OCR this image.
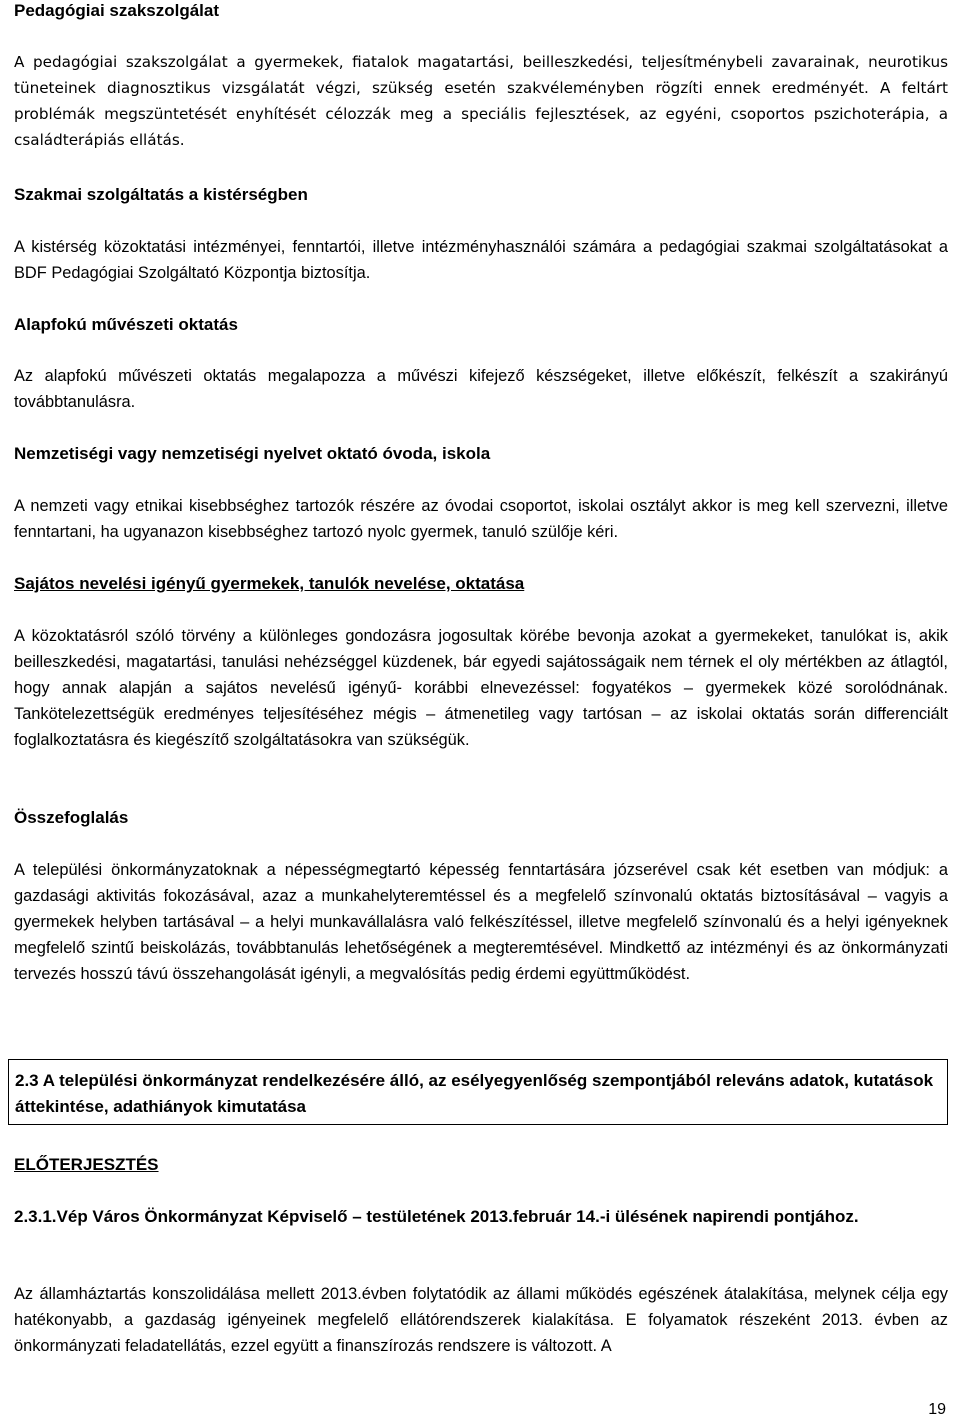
Pedagógiai szakszolgálat

A pedagógiai szakszolgálat a gyermekek, fiatalok magatartási, beilleszkedési, teljesítménybeli zavarainak, neurotikus tüneteinek diagnosztikus vizsgálatát végzi, szükség esetén szakvéleményben rögzíti ennek eredményét. A feltárt problémák megszüntetését enyhítését célozzák meg a speciális fejlesztések, az egyéni, csoportos pszichoterápia, a családterápiás ellátás.

Szakmai szolgáltatás a kistérségben

A kistérség közoktatási intézményei, fenntartói, illetve intézményhasználói számára a pedagógiai szakmai szolgáltatásokat a BDF Pedagógiai Szolgáltató Központja biztosítja.

Alapfokú művészeti oktatás

Az alapfokú művészeti oktatás megalapozza a művészi kifejező készségeket, illetve előkészít, felkészít a szakirányú továbbtanulásra.

Nemzetiségi vagy nemzetiségi nyelvet oktató óvoda, iskola

A nemzeti vagy etnikai kisebbséghez tartozók részére az óvodai csoportot, iskolai osztályt akkor is meg kell szervezni, illetve fenntartani, ha ugyanazon kisebbséghez tartozó nyolc gyermek, tanuló szülője kéri.

Sajátos nevelési igényű gyermekek, tanulók nevelése, oktatása

A közoktatásról szóló törvény a különleges gondozásra jogosultak körébe bevonja azokat a gyermekeket, tanulókat is, akik beilleszkedési, magatartási, tanulási nehézséggel küzdenek, bár egyedi sajátosságaik nem térnek el oly mértékben az átlagtól, hogy annak alapján a sajátos nevelésű igényű- korábbi elnevezéssel: fogyatékos – gyermekek közé sorolódnának. Tankötelezettségük eredményes teljesítéséhez mégis – átmenetileg vagy tartósan – az iskolai oktatás során differenciált foglalkoztatásra és kiegészítő szolgáltatásokra van szükségük.

Összefoglalás

A települési önkormányzatoknak a népességmegtartó képesség fenntartására józserével csak két esetben van módjuk: a gazdasági aktivitás fokozásával, azaz a munkahelyteremtéssel és a megfelelő színvonalú oktatás biztosításával – vagyis a gyermekek helyben tartásával – a helyi munkavállalásra való felkészítéssel, illetve megfelelő színvonalú és a helyi igényeknek megfelelő szintű beiskolázás, továbbtanulás lehetőségének a megteremtésével. Mindkettő az intézményi és az önkormányzati tervezés hosszú távú összehangolását igényli, a megvalósítás pedig érdemi együttműködést.

2.3 A települési önkormányzat rendelkezésére álló, az esélyegyenlőség szempontjából releváns adatok, kutatások áttekintése, adathiányok kimutatása

ELŐTERJESZTÉS

2.3.1.Vép Város Önkormányzat Képviselő – testületének 2013.február 14.-i ülésének napirendi pontjához.

Az államháztartás konszolidálása mellett 2013.évben folytatódik az állami működés egészének átalakítása, melynek célja egy hatékonyabb, a gazdaság igényeinek megfelelő ellátórendszerek kialakítása. E folyamatok részeként 2013. évben az önkormányzati feladatellátás, ezzel együtt a finanszírozás rendszere is változott. A

19
